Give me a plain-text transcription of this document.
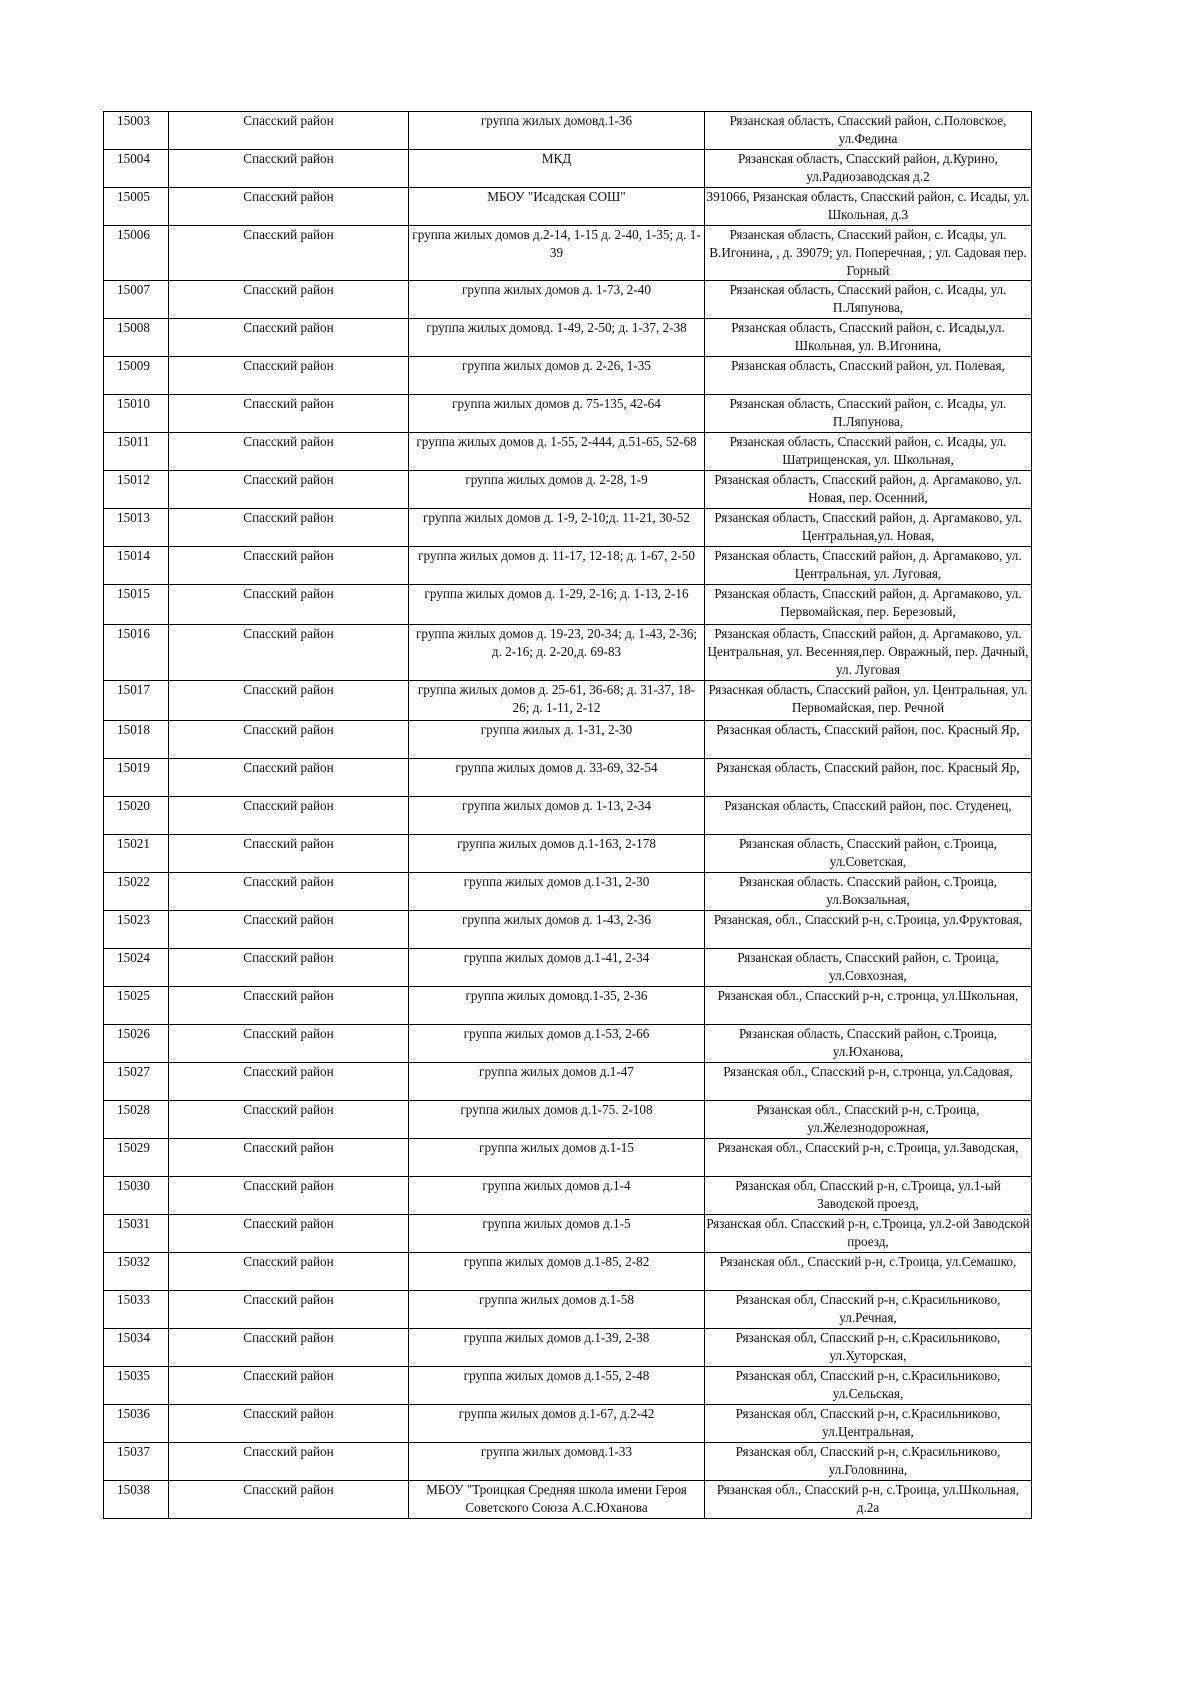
15003	Спасский район	группа жилых домовд.1-36	Рязанская область, Спасский район, с.Половское, ул.Федина
15004	Спасский район	МКД	Рязанская область, Спасский район, д.Курино, ул.Радиозаводская д.2
15005	Спасский район	МБОУ "Исадская СОШ"	391066, Рязанская область, Спасский район, с. Исады, ул. Школьная, д.3
15006	Спасский район	группа жилых домов д.2-14, 1-15 д. 2-40, 1-35; д. 1-39	Рязанская область, Спасский район, с. Исады, ул. В.Игонина, , д. 39079; ул. Поперечная, ; ул. Садовая пер. Горный
15007	Спасский район	группа жилых домов д. 1-73, 2-40	Рязанская область, Спасский район, с. Исады, ул. П.Ляпунова,
15008	Спасский район	группа жилых домовд. 1-49, 2-50; д. 1-37, 2-38	Рязанская область, Спасский район, с. Исады,ул. Школьная, ул. В.Игонина,
15009	Спасский район	группа жилых домов д. 2-26, 1-35	Рязанская область, Спасский район, ул. Полевая,
15010	Спасский район	группа жилых домов д. 75-135, 42-64	Рязанская область, Спасский район, с. Исады, ул. П.Ляпунова,
15011	Спасский район	группа жилых домов д. 1-55, 2-444, д.51-65, 52-68	Рязанская область, Спасский район, с. Исады, ул. Шатрищенская, ул. Школьная,
15012	Спасский район	группа жилых домов д. 2-28, 1-9	Рязанская область, Спасский район, д. Аргамаково, ул. Новая, пер. Осенний,
15013	Спасский район	группа жилых домов д. 1-9, 2-10;д. 11-21, 30-52	Рязанская область, Спасский район, д. Аргамаково, ул. Центральная,ул. Новая,
15014	Спасский район	группа жилых домов д. 11-17, 12-18; д. 1-67, 2-50	Рязанская область, Спасский район, д. Аргамаково, ул. Центральная, ул. Луговая,
15015	Спасский район	группа жилых домов д. 1-29, 2-16; д. 1-13, 2-16	Рязанская область, Спасский район, д. Аргамаково, ул. Первомайская, пер. Березовый,
15016	Спасский район	группа жилых домов д. 19-23, 20-34; д. 1-43, 2-36; д. 2-16; д. 2-20,д. 69-83	Рязанская область, Спасский район, д. Аргамаково, ул. Центральная, ул. Весенняя,пер. Овражный, пер. Дачный, ул. Луговая
15017	Спасский район	группа жилых домов д. 25-61, 36-68; д. 31-37, 18-26; д. 1-11, 2-12	Рязаснкая область, Спасский район, ул. Центральная, ул. Первомайская, пер. Речной
15018	Спасский район	группа жилых д. 1-31, 2-30	Рязаснкая область, Спасский район, пос. Красный Яр,
15019	Спасский район	группа жилых домов д. 33-69, 32-54	Рязанская область, Спасский район, пос. Красный Яр,
15020	Спасский район	группа жилых домов д. 1-13, 2-34	Рязанская область, Спасский район, пос. Студенец,
15021	Спасский район	группа жилых домов д.1-163, 2-178	Рязанская область, Спасский район, с.Троица, ул.Советская,
15022	Спасский район	группа жилых домов д.1-31, 2-30	Рязанская область. Спасский район, с.Троица, ул.Вокзальная,
15023	Спасский район	группа жилых домов д. 1-43, 2-36	Рязанская, обл., Спасский р-н, с.Троица, ул.Фруктовая,
15024	Спасский район	группа жилых домов д.1-41, 2-34	Рязанская область, Спасский район, с. Троица, ул.Совхозная,
15025	Спасский район	группа жилых домовд.1-35, 2-36	Рязанская обл., Спасский р-н, с.тронца, ул.Школьная,
15026	Спасский район	группа жилых домов д.1-53, 2-66	Рязанская область, Спасский район, с.Троица, ул.Юханова,
15027	Спасский район	группа жилых домов д.1-47	Рязанская обл., Спасский р-н, с.тронца, ул.Садовая,
15028	Спасский район	группа жилых домов д.1-75. 2-108	Рязанская обл., Спасский р-н, с.Троица, ул.Железнодорожная,
15029	Спасский район	группа жилых домов д.1-15	Рязанская обл., Спасский р-н, с.Троица, ул.Заводская,
15030	Спасский район	группа жилых домов д.1-4	Рязанская обл, Спасский р-н, с.Троица, ул.1-ый Заводской проезд,
15031	Спасский район	группа жилых домов д.1-5	Рязанская обл. Спасский р-н, с.Троица, ул.2-ой Заводской проезд,
15032	Спасский район	группа жилых домов д.1-85, 2-82	Рязанская обл., Спасский р-н, с.Троица, ул.Семашко,
15033	Спасский район	группа жилых домов д.1-58	Рязанская обл, Спасский р-н, с.Красильниково, ул.Речная,
15034	Спасский район	группа жилых домов д.1-39, 2-38	Рязанская обл, Спасский р-н, с.Красильниково, ул.Хуторская,
15035	Спасский район	группа жилых домов д.1-55, 2-48	Рязанская обл, Спасский р-н, с.Красильниково, ул.Сельская,
15036	Спасский район	группа жилых домов д.1-67, д.2-42	Рязанская обл, Спасский р-н, с.Красильниково, ул.Центральная,
15037	Спасский район	группа жилых домовд.1-33	Рязанская обл, Спасский р-н, с.Красильниково, ул.Головнина,
15038	Спасский район	МБОУ "Троицкая Средняя школа имени Героя Советского Союза А.С.Юханова	Рязанская обл., Спасский р-н, с.Троица, ул.Школьная, д.2а
